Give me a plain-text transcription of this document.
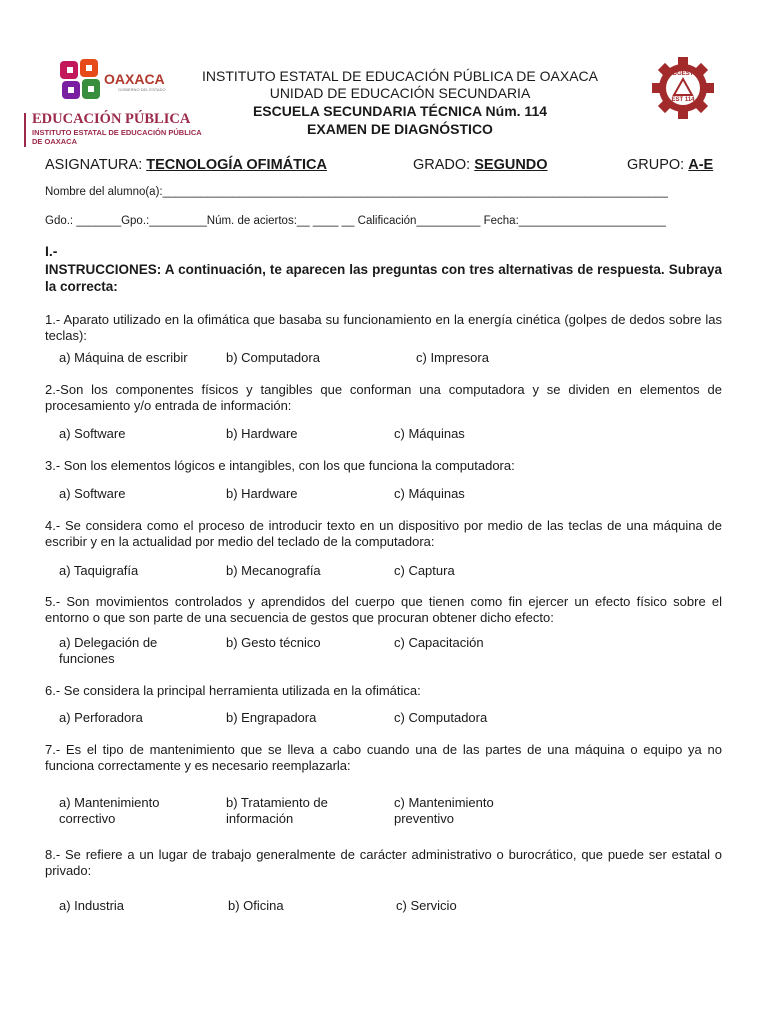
OAXACA
GOBIERNO DEL ESTADO
EDUCACIÓN PÚBLICA
INSTITUTO ESTATAL DE EDUCACIÓN PÚBLICA
DE OAXACA
INSTITUTO ESTATAL DE EDUCACIÓN PÚBLICA DE OAXACA
UNIDAD DE EDUCACIÓN SECUNDARIA
ESCUELA SECUNDARIA TÉCNICA Núm. 114
EXAMEN DE DIAGNÓSTICO
DGEST
EST 114
ASIGNATURA: TECNOLOGÍA OFIMÁTICA	GRADO: SEGUNDO	GRUPO: A-E
Nombre del alumno(a):_______________________________________________________________________________
Gdo.: _______Gpo.:_________Núm. de aciertos:__ ____ __ Calificación__________ Fecha:_______________________
I.-
INSTRUCCIONES: A continuación, te aparecen las preguntas con tres alternativas de respuesta. Subraya la correcta:
1.- Aparato utilizado en la ofimática que basaba su funcionamiento en la energía cinética (golpes de dedos sobre las teclas):
a) Máquina de escribir	b) Computadora	c) Impresora
2.-Son los componentes físicos y tangibles que conforman una computadora y se dividen en elementos de procesamiento y/o entrada de información:
a) Software	b) Hardware	c) Máquinas
3.- Son los elementos lógicos e intangibles, con los que funciona la computadora:
a) Software	b) Hardware	c) Máquinas
4.- Se considera como el proceso de introducir texto en un dispositivo por medio de las teclas de una máquina de escribir y en la actualidad por medio del teclado de la computadora:
a) Taquigrafía	b) Mecanografía	c) Captura
5.- Son movimientos controlados y aprendidos del cuerpo que tienen como fin ejercer un efecto físico sobre el entorno o que son parte de una secuencia de gestos que procuran obtener dicho efecto:
a) Delegación de funciones
b) Gesto técnico	c) Capacitación
6.- Se considera la principal herramienta utilizada en la ofimática:
a) Perforadora	b) Engrapadora	c) Computadora
7.- Es el tipo de mantenimiento que se lleva a cabo cuando una de las partes de una máquina o equipo ya no funciona correctamente y es necesario reemplazarla:
a) Mantenimiento correctivo
b) Tratamiento de información
c) Mantenimiento preventivo
8.- Se refiere a un lugar de trabajo generalmente de carácter administrativo o burocrático, que puede ser estatal o privado:
a) Industria	b) Oficina	c) Servicio
